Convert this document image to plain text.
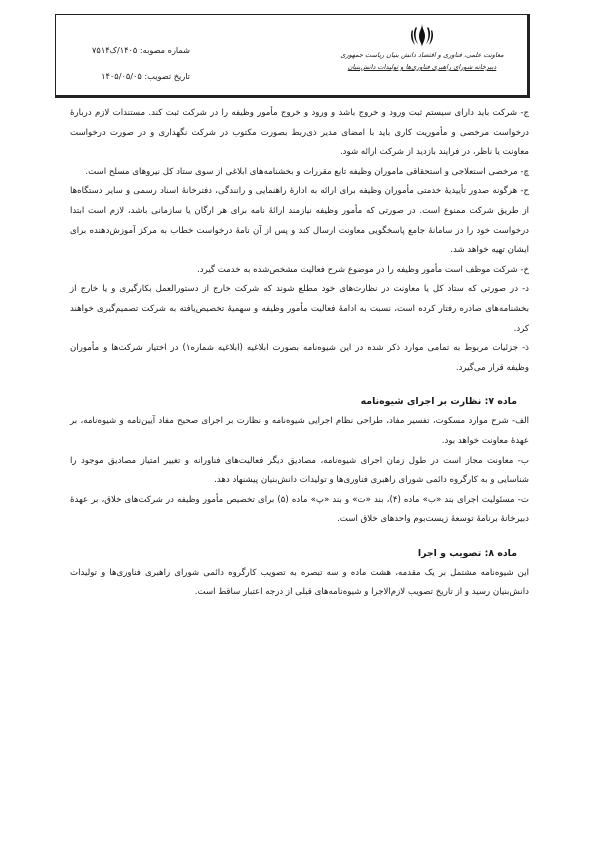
شماره مصوبه: ۱۴۰۵/ک۷۵۱۴
تاریخ تصویب: ۱۴۰۵/۰۵/۰۵
معاونت علمی، فناوری و اقتصاد دانش بنیان ریاست جمهوری
دبیرخانه شورای راهبری فناوری‌ها و تولیدات دانش‌بنیان

ج- شرکت باید دارای سیستم ثبت ورود و خروج باشد و ورود و خروج مأمور وظیفه را در شرکت ثبت کند. مستندات لازم دربارهٔ درخواست مرخصی و مأموریت کاری باید با امضای مدیر ذی‌ربط بصورت مکتوب در شرکت نگهداری و در صورت درخواست معاونت یا ناظر، در فرایند بازدید از شرکت ارائه شود.

چ- مرخصی استعلاجی و استحقاقی ماموران وظیفه تابع مقررات و بخشنامه‌های ابلاغی از سوی ستاد کل نیروهای مسلح است.

ح- هرگونه صدور تأییدیهٔ خدمتی مأموران وظیفه برای ارائه به ادارهٔ راهنمایی و رانندگی، دفترخانهٔ اسناد رسمی و سایر دستگاه‌ها از طریق شرکت ممنوع است. در صورتی که مأمور وظیفه نیازمند ارائهٔ نامه برای هر ارگان یا سازمانی باشد، لازم است ابتدا درخواست خود را در سامانهٔ جامع پاسخگویی معاونت ارسال کند و پس از آن نامهٔ درخواست خطاب به مرکز آموزش‌دهنده برای ایشان تهیه خواهد شد.

خ- شرکت موظف است مأمور وظیفه را در موضوع شرح فعالیت مشخص‌شده به خدمت گیرد.

د- در صورتی که ستاد کل یا معاونت در نظارت‌های خود مطلع شوند که شرکت خارج از دستورالعمل بکارگیری و یا خارج از بخشنامه‌های صادره رفتار کرده است، نسبت به ادامهٔ فعالیت مأمور وظیفه و سهمیهٔ تخصیص‌یافته به شرکت تصمیم‌گیری خواهند کرد.

ذ- جزئیات مربوط به تمامی موارد ذکر شده در این شیوه‌نامه بصورت ابلاغیه (ابلاغیه شماره۱) در اختیار شرکت‌ها و مأموران وظیفه قرار می‌گیرد.

ماده ۷: نظارت بر اجرای شیوه‌نامه

الف- شرح موارد مسکوت، تفسیر مفاد، طراحی نظام اجرایی شیوه‌نامه و نظارت بر اجرای صحیح مفاد آیین‌نامه و شیوه‌نامه، بر عهدهٔ معاونت خواهد بود.

ب- معاونت مجاز است در طول زمان اجرای شیوه‌نامه، مصادیق دیگر فعالیت‌های فناورانه و تغییر امتیاز مصادیق موجود را شناسایی و به کارگروه دائمی شورای راهبری فناوری‌ها و تولیدات دانش‌بنیان پیشنهاد دهد.

ت- مسئولیت اجرای بند «ب» ماده (۴)، بند «ت» و بند «پ» ماده (۵) برای تخصیص مأمور وظیفه در شرکت‌های خلاق، بر عهدهٔ دبیرخانهٔ برنامهٔ توسعهٔ زیست‌بوم واحدهای خلاق است.

ماده ۸: تصویب و اجرا

این شیوه‌نامه مشتمل بر یک مقدمه، هشت ماده و سه تبصره به تصویب کارگروه دائمی شورای راهبری فناوری‌ها و تولیدات دانش‌بنیان رسید و از تاریخ تصویب لازم‌الاجرا و شیوه‌نامه‌های قبلی از درجه اعتبار ساقط است.
